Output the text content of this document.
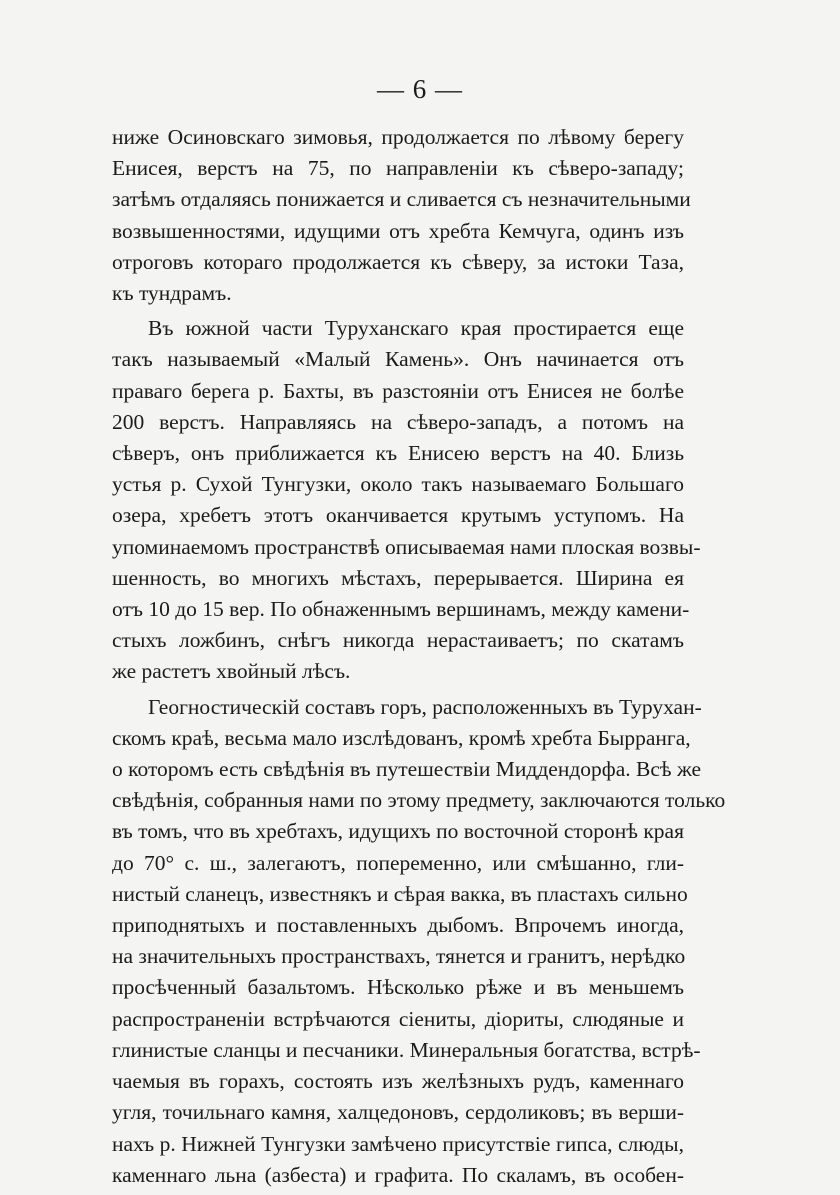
— 6 —
ниже Осиновскаго зимовья, продолжается по лѣвому берегу
Енисея, верстъ на 75, по направленіи къ сѣверо-западу;
затѣмъ отдаляясь понижается и сливается съ незначительными
возвышенностями, идущими отъ хребта Кемчуга, одинъ изъ
отроговъ котораго продолжается къ сѣверу, за истоки Таза,
къ тундрамъ.
Въ южной части Туруханскаго края простирается еще
такъ называемый «Малый Камень». Онъ начинается отъ
праваго берега р. Бахты, въ разстояніи отъ Енисея не болѣе
200 верстъ. Направляясь на сѣверо-западъ, а потомъ на
сѣверъ, онъ приближается къ Енисею верстъ на 40. Близь
устья р. Сухой Тунгузки, около такъ называемаго Большаго
озера, хребетъ этотъ оканчивается крутымъ уступомъ. На
упоминаемомъ пространствѣ описываемая нами плоская возвы-
шенность, во многихъ мѣстахъ, перерывается. Ширина ея
отъ 10 до 15 вер. По обнаженнымъ вершинамъ, между камени-
стыхъ ложбинъ, снѣгъ никогда нерастаиваетъ; по скатамъ
же растетъ хвойный лѣсъ.
Геогностическій составъ горъ, расположенныхъ въ Турухан-
скомъ краѣ, весьма мало изслѣдованъ, кромѣ хребта Бырранга,
о которомъ есть свѣдѣнія въ путешествіи Миддендорфа. Всѣ же
свѣдѣнія, собранныя нами по этому предмету, заключаются только
въ томъ, что въ хребтахъ, идущихъ по восточной сторонѣ края
до 70° с. ш., залегаютъ, попеременно, или смѣшанно, гли-
нистый сланецъ, известнякъ и сѣрая вакка, въ пластахъ сильно
приподнятыхъ и поставленныхъ дыбомъ. Впрочемъ иногда,
на значительныхъ пространствахъ, тянется и гранитъ, нерѣдко
просѣченный базальтомъ. Нѣсколько рѣже и въ меньшемъ
распространеніи встрѣчаются сіениты, діориты, слюдяные и
глинистые сланцы и песчаники. Минеральныя богатства, встрѣ-
чаемыя въ горахъ, состоять изъ желѣзныхъ рудъ, каменнаго
угля, точильнаго камня, халцедоновъ, сердоликовъ; въ верши-
нахъ р. Нижней Тунгузки замѣчено присутствіе гипса, слюды,
каменнаго льна (азбеста) и графита. По скаламъ, въ особен-
